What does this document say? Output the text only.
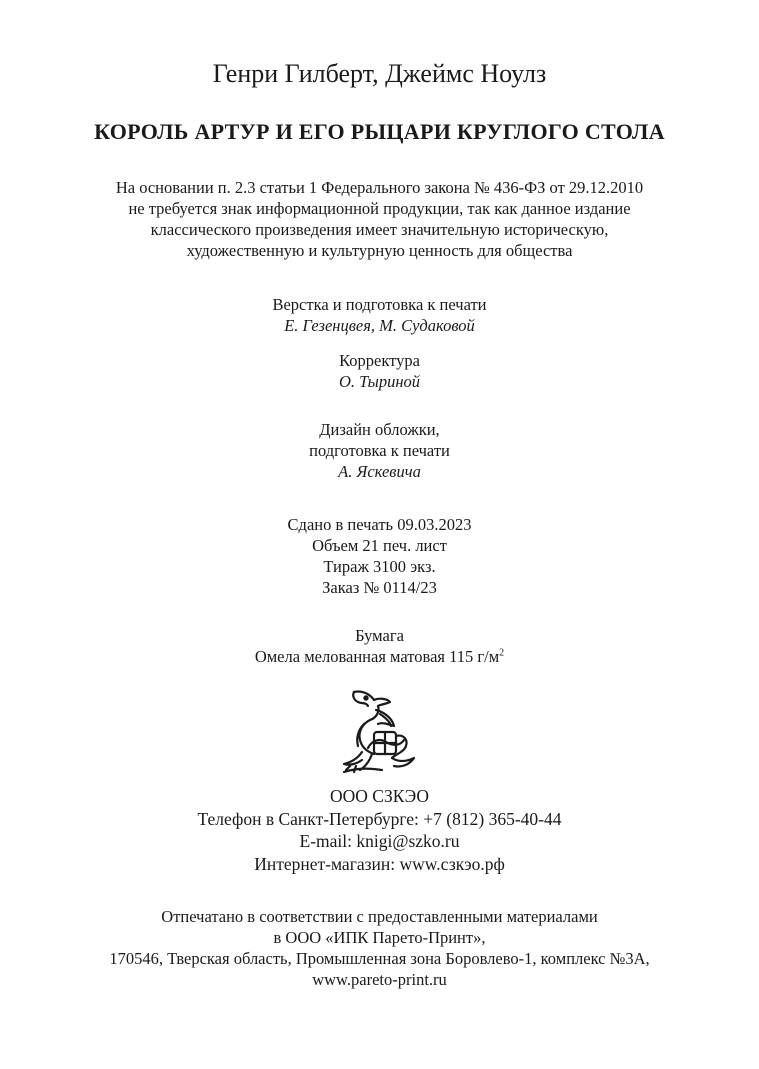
Генри Гилберт, Джеймс Ноулз
КОРОЛЬ АРТУР И ЕГО РЫЦАРИ КРУГЛОГО СТОЛА
На основании п. 2.3 статьи 1 Федерального закона № 436-ФЗ от 29.12.2010
не требуется знак информационной продукции, так как данное издание
классического произведения имеет значительную историческую,
художественную и культурную ценность для общества
Верстка и подготовка к печати
Е. Гезенцвея, М. Судаковой
Корректура
О. Тыриной
Дизайн обложки,
подготовка к печати
А. Яскевича
Сдано в печать 09.03.2023
Объем 21 печ. лист
Тираж 3100 экз.
Заказ № 0114/23
Бумага
Омела мелованная матовая 115 $г/м^2$
ООО СЗКЭО
Телефон в Санкт-Петербурге: +7 (812) 365-40-44
E-mail: knigi@szko.ru
Интернет-магазин: www.сзкэо.рф
Отпечатано в соответствии с предоставленными материалами
в ООО «ИПК Парето-Принт»,
170546, Тверская область, Промышленная зона Боровлево-1, комплекс №3А,
www.pareto-print.ru
